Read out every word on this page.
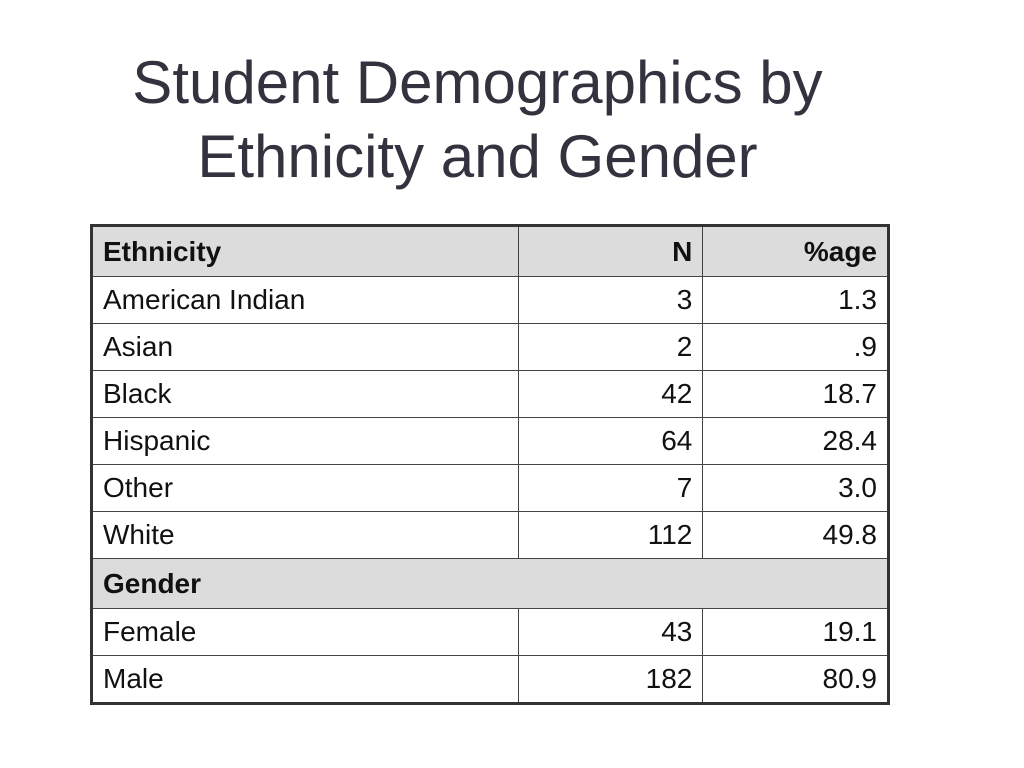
Student Demographics by
Ethnicity and Gender
Ethnicity	N	%age
American Indian	3	1.3
Asian	2	.9
Black	42	18.7
Hispanic	64	28.4
Other	7	3.0
White	112	49.8
Gender		
Female	43	19.1
Male	182	80.9
